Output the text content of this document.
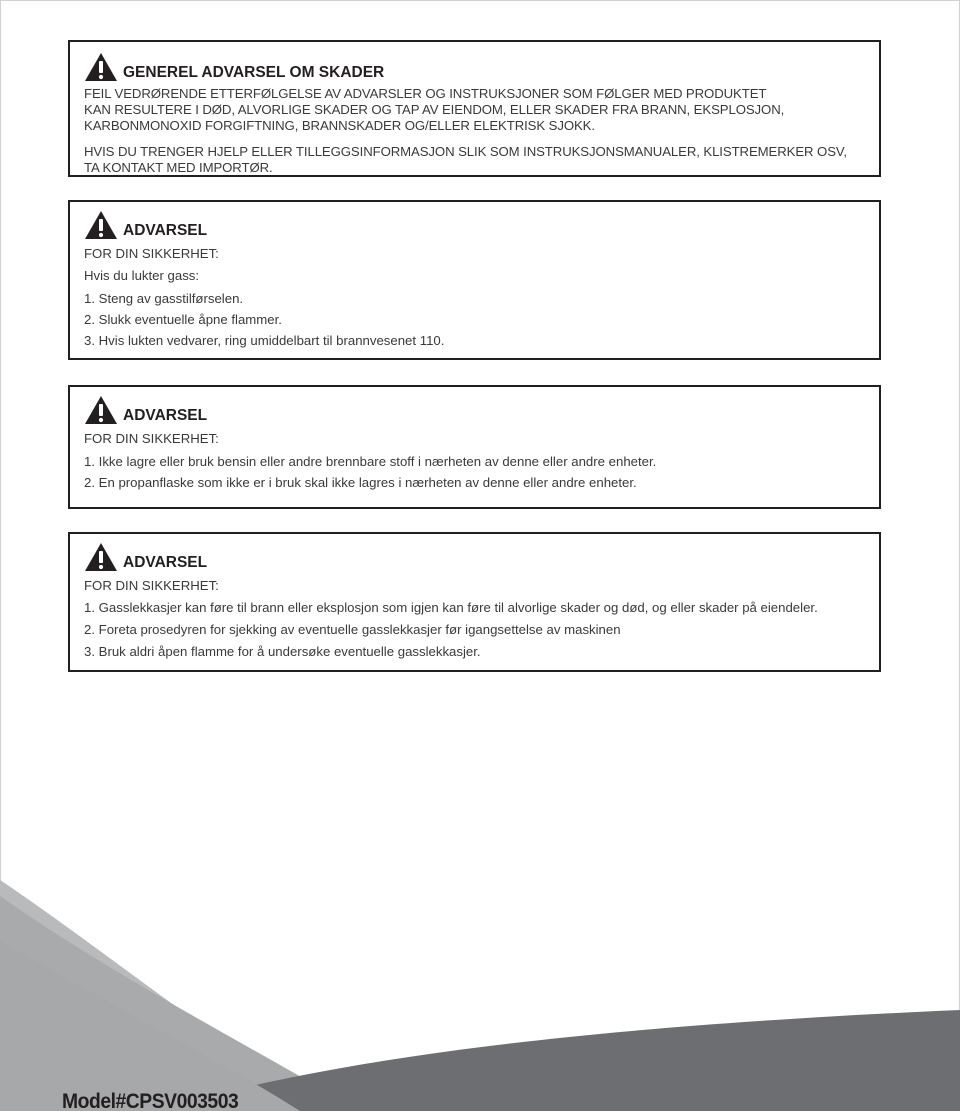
GENEREL ADVARSEL OM SKADER

FEIL VEDRØRENDE ETTERFØLGELSE AV ADVARSLER OG INSTRUKSJONER SOM FØLGER MED PRODUKTET
KAN RESULTERE I DØD, ALVORLIGE SKADER OG TAP AV EIENDOM, ELLER SKADER FRA BRANN, EKSPLOSJON,
KARBONMONOXID FORGIFTNING, BRANNSKADER OG/ELLER ELEKTRISK SJOKK.

HVIS DU TRENGER HJELP ELLER TILLEGGSINFORMASJON SLIK SOM INSTRUKSJONSMANUALER, KLISTREMERKER OSV,
TA KONTAKT MED IMPORTØR.

ADVARSEL

FOR DIN SIKKERHET:

Hvis du lukter gass:

1. Steng av gasstilførselen.
2. Slukk eventuelle åpne flammer.
3. Hvis lukten vedvarer, ring umiddelbart til brannvesenet 110.
ADVARSEL

FOR DIN SIKKERHET:

1. Ikke lagre eller bruk bensin eller andre brennbare stoff i nærheten av denne eller andre enheter.
2. En propanflaske som ikke er i bruk skal ikke lagres i nærheten av denne eller andre enheter.
ADVARSEL

FOR DIN SIKKERHET:

1. Gasslekkasjer kan føre til brann eller eksplosjon som igjen kan føre til alvorlige skader og død, og eller skader på eiendeler.
2. Foreta prosedyren for sjekking av eventuelle gasslekkasjer før igangsettelse av maskinen
3. Bruk aldri åpen flamme for å undersøke eventuelle gasslekkasjer.
Model#CPSV003503
